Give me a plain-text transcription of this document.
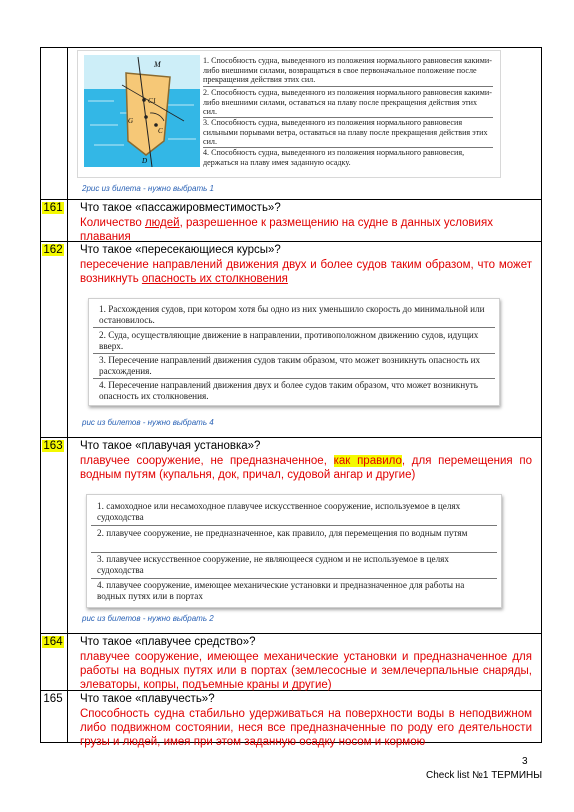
М
C1
C
G
D
1. Способность судна, выведенного из положения нормального равновесия какими-либо внешними силами, возвращаться в свое первоначальное положение после прекращения действия этих сил.
2. Способность судна, выведенного из положения нормального равновесия какими-либо внешними силами, оставаться на плаву после прекращения действия этих сил.
3. Способность судна, выведенного из положения нормального равновесия сильными порывами ветра, оставаться на плаву после прекращения действия этих сил.
4. Способность судна, выведенного из положения нормального равновесия, держаться на плаву имея заданную осадку.
2рис из билета - нужно выбрать 1
161 Что такое «пассажировместимость»?
Количество людей, разрешенное к размещению на судне в данных условиях плавания
162 Что такое «пересекающиеся курсы»?
пересечение направлений движения двух и более судов таким образом, что может возникнуть опасность их столкновения
1. Расхождения судов, при котором хотя бы одно из них уменьшило скорость до минимальной или остановилось.
2. Суда, осуществляющие движение в направлении, противоположном движению судов, идущих вверх.
3. Пересечение направлений движения судов таким образом, что может возникнуть опасность их расхождения.
4. Пересечение направлений движения двух и более судов таким образом, что может возникнуть опасность их столкновения.
рис из билетов - нужно выбрать 4
163 Что такое «плавучая установка»?
плавучее сооружение, не предназначенное, как правило, для перемещения по водным путям (купальня, док, причал, судовой ангар и другие)
1. самоходное или несамоходное плавучее искусственное сооружение, используемое в целях судоходства
2. плавучее сооружение, не предназначенное, как правило, для перемещения по водным путям
3. плавучее искусственное сооружение, не являющееся судном и не используемое в целях судоходства
4. плавучее сооружение, имеющее механические установки и предназначенное для работы на водных путях или в портах
рис из билетов - нужно выбрать 2
164 Что такое «плавучее средство»?
плавучее сооружение, имеющее механические установки и предназначенное для работы на водных путях или в портах (землесосные и землечерпальные снаряды, элеваторы, копры, подъемные краны и другие)
165 Что такое «плавучесть»?
Способность судна стабильно удерживаться на поверхности воды в неподвижном либо подвижном состоянии, неся все предназначенные по роду его деятельности грузы и людей, имея при этом заданную осадку носом и кормою
3
Check list №1 ТЕРМИНЫ
